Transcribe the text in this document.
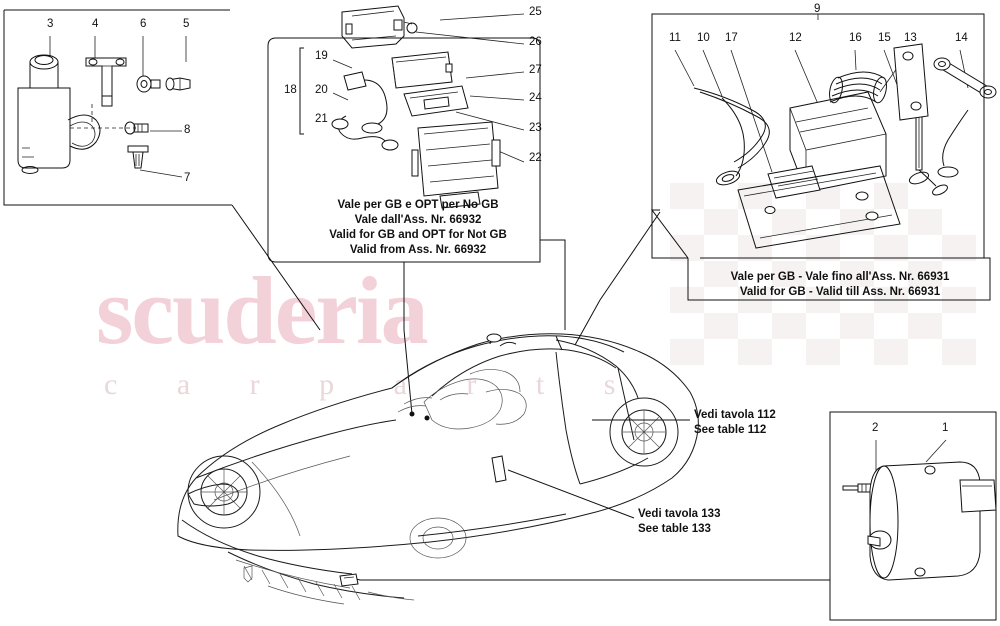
scuderia
c a r p a r t s
3	4	6	5
8
7
25
26
27
24
23
22
19
18 20
21
9
11 10 17	12	16 15 13	14
2	1
Vale per GB e OPT per No GB
Vale dall'Ass. Nr. 66932
Valid for GB and OPT for Not GB
Valid from Ass. Nr. 66932
Vale per GB - Vale fino all'Ass. Nr. 66931
Valid for GB - Valid till Ass. Nr. 66931
Vedi tavola 112
See table 112
Vedi tavola 133
See table 133
